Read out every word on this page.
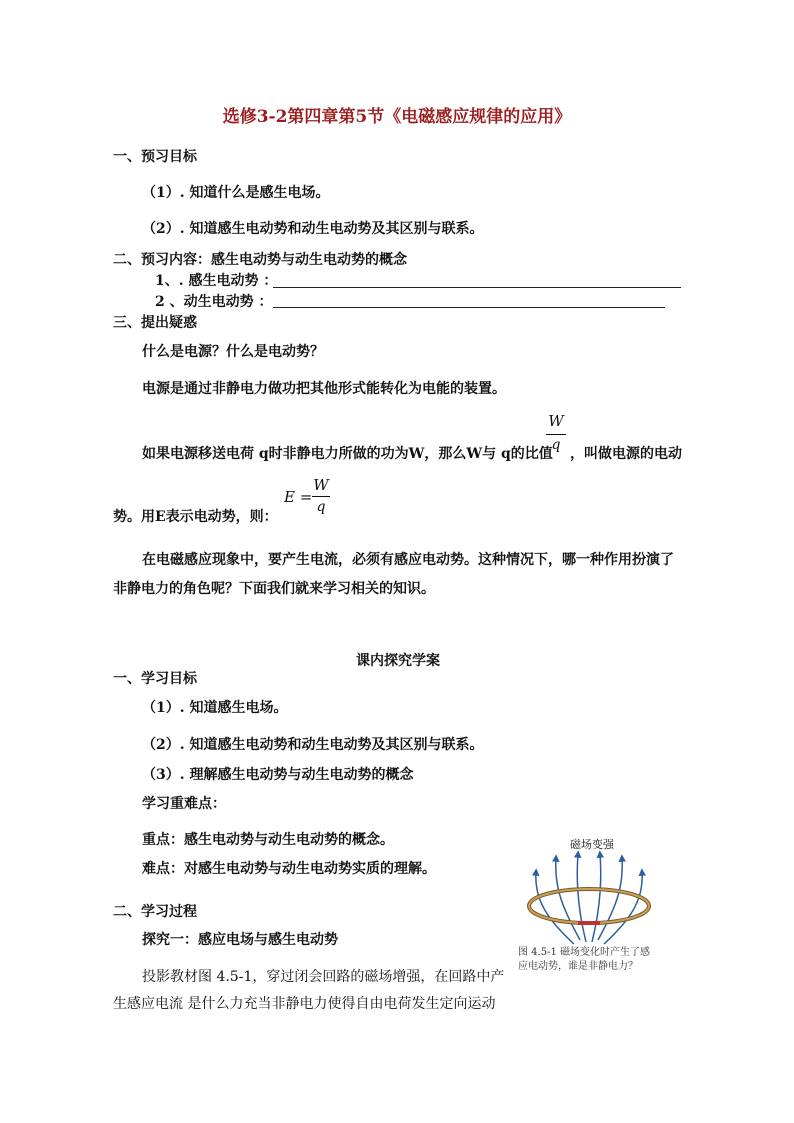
选修3-2第四章第5节《电磁感应规律的应用》
一、预习目标
（1）. 知道什么是感生电场。
（2）. 知道感生电动势和动生电动势及其区别与联系。
二、预习内容：感生电动势与动生电动势的概念
1、. 感生电动势 ：
2 、动生电动势 ：
三、提出疑惑
什么是电源？什么是电动势？
电源是通过非静电力做功把其他形式能转化为电能的装置。
W
q
如果电源移送电荷 q时非静电力所做的功为W，那么W与 q的比值 ，叫做电源的电动
E =
W
q
势。用E表示电动势，则：
在电磁感应现象中，要产生电流，必须有感应电动势。这种情况下，哪一种作用扮演了
非静电力的角色呢？下面我们就来学习相关的知识。
课内探究学案
一、学习目标
（1）. 知道感生电场。
（2）. 知道感生电动势和动生电动势及其区别与联系。
（3）. 理解感生电动势与动生电动势的概念
学习重难点：
重点：感生电动势与动生电动势的概念。
难点：对感生电动势与动生电动势实质的理解。
二、学习过程
探究一：感应电场与感生电动势
投影教材图 4.5-1，穿过闭会回路的磁场增强，在回路中产
生感应电流 是什么力充当非静电力使得自由电荷发生定向运动
磁场变强
图 4.5-1 磁场变化时产生了感
应电动势，谁是非静电力？
